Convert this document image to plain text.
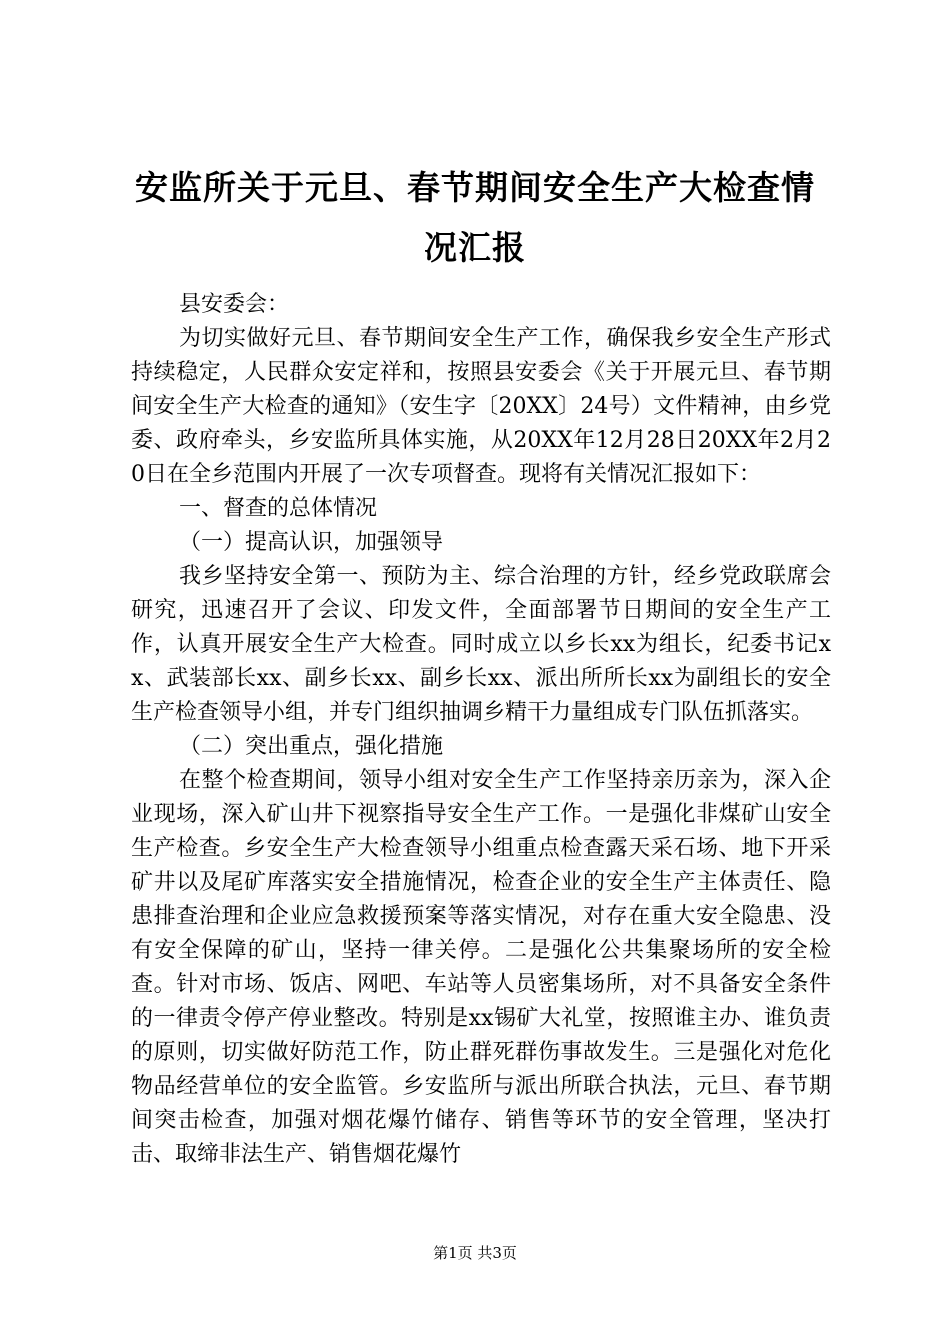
安监所关于元旦、春节期间安全生产大检查情
况汇报

县安委会：

为切实做好元旦、春节期间安全生产工作，确保我乡安全生产形式持续稳定，人民群众安定祥和，按照县安委会《关于开展元旦、春节期间安全生产大检查的通知》（安生字〔20XX〕24号）文件精神，由乡党委、政府牵头，乡安监所具体实施，从20XX年12月28日20XX年2月20日在全乡范围内开展了一次专项督查。现将有关情况汇报如下：

一、督查的总体情况

（一）提高认识，加强领导

我乡坚持安全第一、预防为主、综合治理的方针，经乡党政联席会研究，迅速召开了会议、印发文件，全面部署节日期间的安全生产工作，认真开展安全生产大检查。同时成立以乡长xx为组长，纪委书记xx、武装部长xx、副乡长xx、副乡长xx、派出所所长xx为副组长的安全生产检查领导小组，并专门组织抽调乡精干力量组成专门队伍抓落实。

（二）突出重点，强化措施

在整个检查期间，领导小组对安全生产工作坚持亲历亲为，深入企业现场，深入矿山井下视察指导安全生产工作。一是强化非煤矿山安全生产检查。乡安全生产大检查领导小组重点检查露天采石场、地下开采矿井以及尾矿库落实安全措施情况，检查企业的安全生产主体责任、隐患排查治理和企业应急救援预案等落实情况，对存在重大安全隐患、没有安全保障的矿山，坚持一律关停。二是强化公共集聚场所的安全检查。针对市场、饭店、网吧、车站等人员密集场所，对不具备安全条件的一律责令停产停业整改。特别是xx锡矿大礼堂，按照谁主办、谁负责的原则，切实做好防范工作，防止群死群伤事故发生。三是强化对危化物品经营单位的安全监管。乡安监所与派出所联合执法，元旦、春节期间突击检查，加强对烟花爆竹储存、销售等环节的安全管理，坚决打击、取缔非法生产、销售烟花爆竹

第1页 共3页
